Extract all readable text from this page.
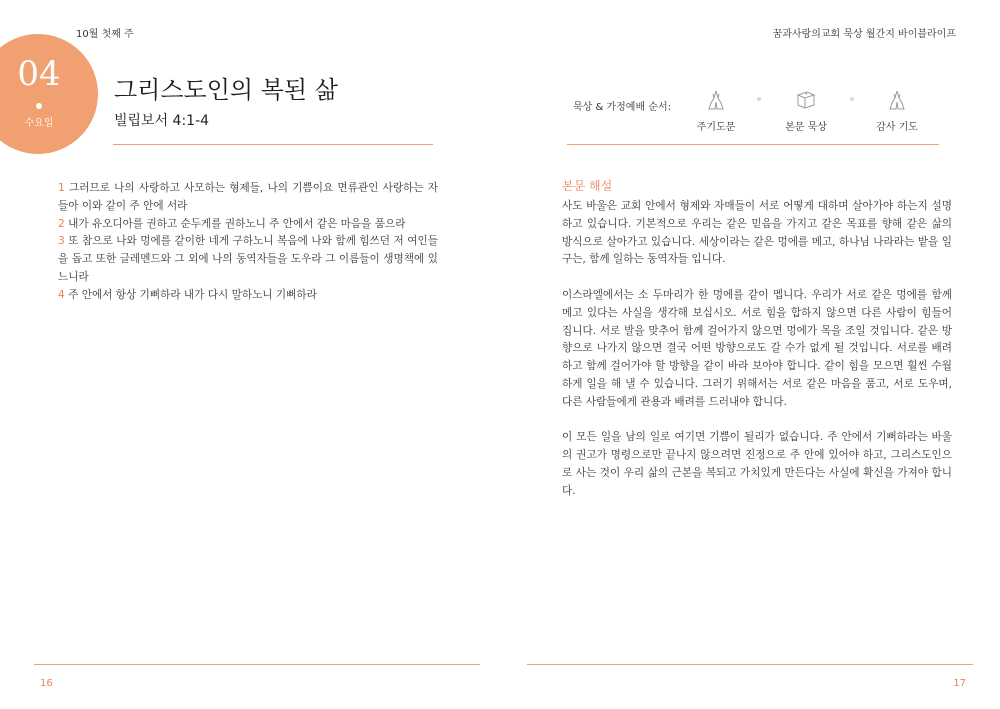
10월 첫째 주	꿈과사랑의교회 묵상 월간지 바이블라이프
04
수요일
그리스도인의 복된 삶
빌립보서 4:1-4

1 그러므로 나의 사랑하고 사모하는 형제들, 나의 기쁨이요 면류관인 사랑하는 자들아 이와 같이 주 안에 서라

2 내가 유오디아를 권하고 순두게를 권하노니 주 안에서 같은 마음을 품으라

3 또 참으로 나와 멍에를 같이한 네게 구하노니 복음에 나와 함께 힘쓰던 저 여인들을 돕고 또한 글레멘드와 그 외에 나의 동역자들을 도우라 그 이름들이 생명책에 있느니라

4 주 안에서 항상 기뻐하라 내가 다시 말하노니 기뻐하라

묵상 & 가정예배 순서:
주기도문	본문 묵상	감사 기도
본문 해설

사도 바울은 교회 안에서 형제와 자매들이 서로 어떻게 대하며 살아가야 하는지 설명하고 있습니다. 기본적으로 우리는 같은 믿음을 가지고 같은 목표를 향해 같은 삶의 방식으로 살아가고 있습니다. 세상이라는 같은 멍에를 메고, 하나님 나라라는 밭을 일구는, 함께 일하는 동역자들 입니다.

이스라엘에서는 소 두마리가 한 멍에를 같이 멥니다. 우리가 서로 같은 멍에를 함께 메고 있다는 사실을 생각해 보십시오. 서로 힘을 합하지 않으면 다른 사람이 힘들어 집니다. 서로 발을 맞추어 함께 걸어가지 않으면 멍에가 목을 조일 것입니다. 같은 방향으로 나가지 않으면 결국 어떤 방향으로도 갈 수가 없게 될 것입니다. 서로를 배려하고 함께 걸어가야 할 방향을 같이 바라 보아야 합니다. 같이 힘을 모으면 훨씬 수월하게 일을 해 낼 수 있습니다. 그러기 위해서는 서로 같은 마음을 품고, 서로 도우며, 다른 사람들에게 관용과 배려를 드러내야 합니다.

이 모든 일을 남의 일로 여기면 기쁨이 될리가 없습니다. 주 안에서 기뻐하라는 바울의 권고가 명령으로만 끝나지 않으려면 진정으로 주 안에 있어야 하고, 그리스도인으로 사는 것이 우리 삶의 근본을 복되고 가치있게 만든다는 사실에 확신을 가져야 합니다.

16	17
